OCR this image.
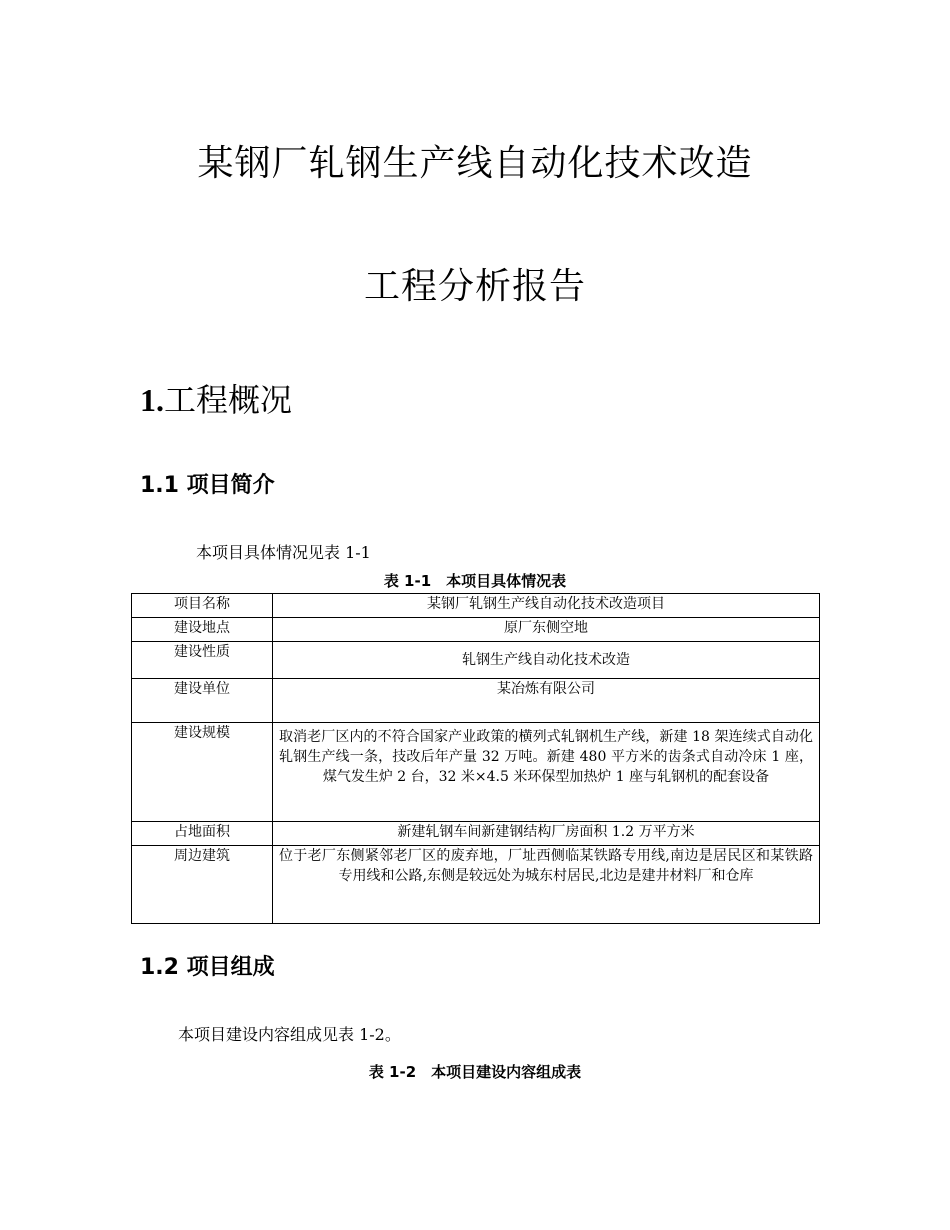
某钢厂轧钢生产线自动化技术改造
工程分析报告
1.工程概况
1.1 项目简介

本项目具体情况见表 1-1

表 1-1　本项目具体情况表

项目名称	某钢厂轧钢生产线自动化技术改造项目
建设地点	原厂东侧空地
建设性质	轧钢生产线自动化技术改造
建设单位	某冶炼有限公司
建设规模	取消老厂区内的不符合国家产业政策的横列式轧钢机生产线，新建 18 架连续式自动化轧钢生产线一条，技改后年产量 32 万吨。新建 480 平方米的齿条式自动冷床 1 座，煤气发生炉 2 台，32 米×4.5 米环保型加热炉 1 座与轧钢机的配套设备
占地面积	新建轧钢车间新建钢结构厂房面积 1.2 万平方米
周边建筑	位于老厂东侧紧邻老厂区的废弃地，厂址西侧临某铁路专用线,南边是居民区和某铁路专用线和公路,东侧是较远处为城东村居民,北边是建井材料厂和仓库
1.2 项目组成

本项目建设内容组成见表 1-2。

表 1-2　本项目建设内容组成表
